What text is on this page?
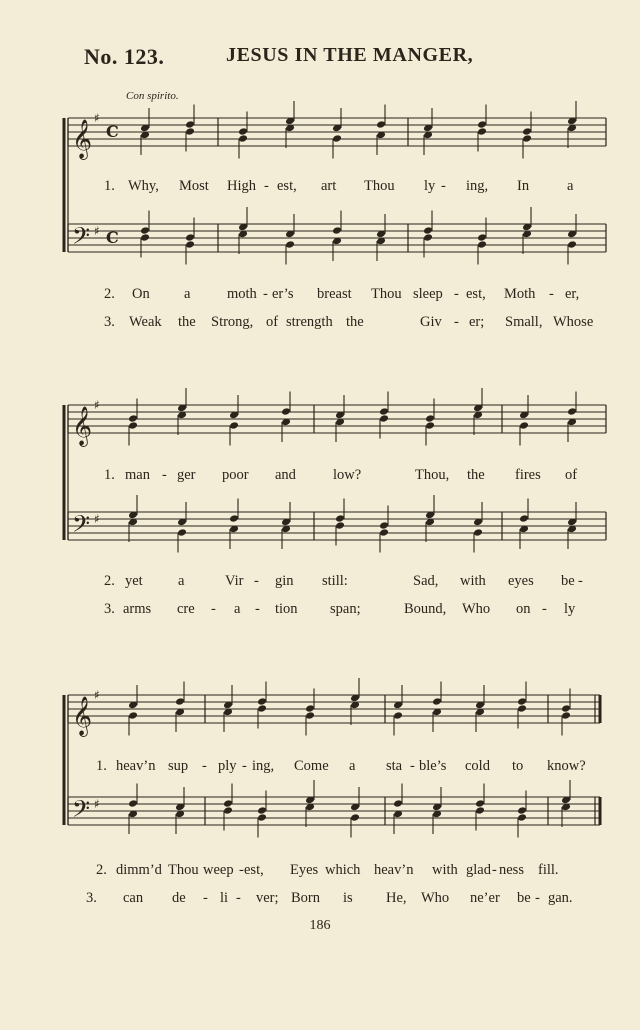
No. 123.	JESUS IN THE MANGER,
Con spirito.
𝄞
♯
C
𝄢 ♯ C
𝄞
♯
𝄢 ♯
𝄞
♯
𝄢 ♯
1. Why, Most High - est, art Thou ly - ing, In	a
2. On a	moth - er’s breast Thou sleep - est, Moth - er,
3. Weak the Strong, of strength the	Giv - er; Small, Whose
1. man - ger poor and	low?	Thou, the fires of
2. yet a	Vir - gin still:	Sad, with eyes be -
3. arms cre - a - tion span;	Bound, Who on - ly
1. heav’n sup - ply - ing, Come a sta - ble’s cold to know?
2. dimm’d Thou weep - est, Eyes which heav’n with glad - ness fill.
3. can de - li - ver; Born is He, Who ne’er be - gan.
186
